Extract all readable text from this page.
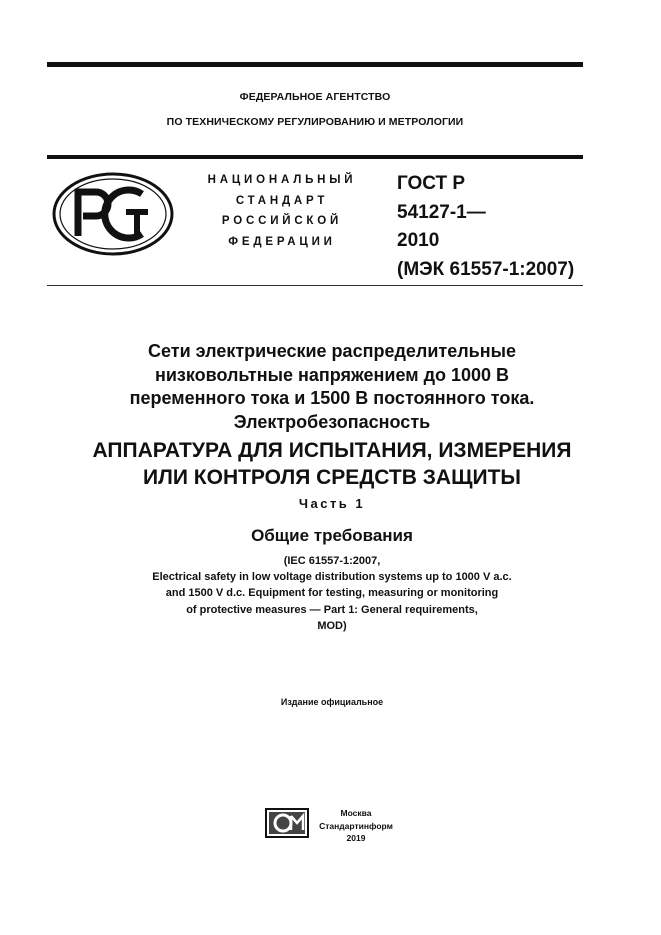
ФЕДЕРАЛЬНОЕ АГЕНТСТВО
ПО ТЕХНИЧЕСКОМУ РЕГУЛИРОВАНИЮ И МЕТРОЛОГИИ
НАЦИОНАЛЬНЫЙ
СТАНДАРТ
РОССИЙСКОЙ
ФЕДЕРАЦИИ
ГОСТ Р
54127-1—
2010
(МЭК 61557-1:2007)
Сети электрические распределительные
низковольтные напряжением до 1000 В
переменного тока и 1500 В постоянного тока.
Электробезопасность
АППАРАТУРА ДЛЯ ИСПЫТАНИЯ, ИЗМЕРЕНИЯ
ИЛИ КОНТРОЛЯ СРЕДСТВ ЗАЩИТЫ
Часть 1
Общие требования
(IEC 61557-1:2007,
Electrical safety in low voltage distribution systems up to 1000 V a.c.
and 1500 V d.c. Equipment for testing, measuring or monitoring
of protective measures — Part 1: General requirements,
MOD)
Издание официальное
Москва
Стандартинформ
2019
